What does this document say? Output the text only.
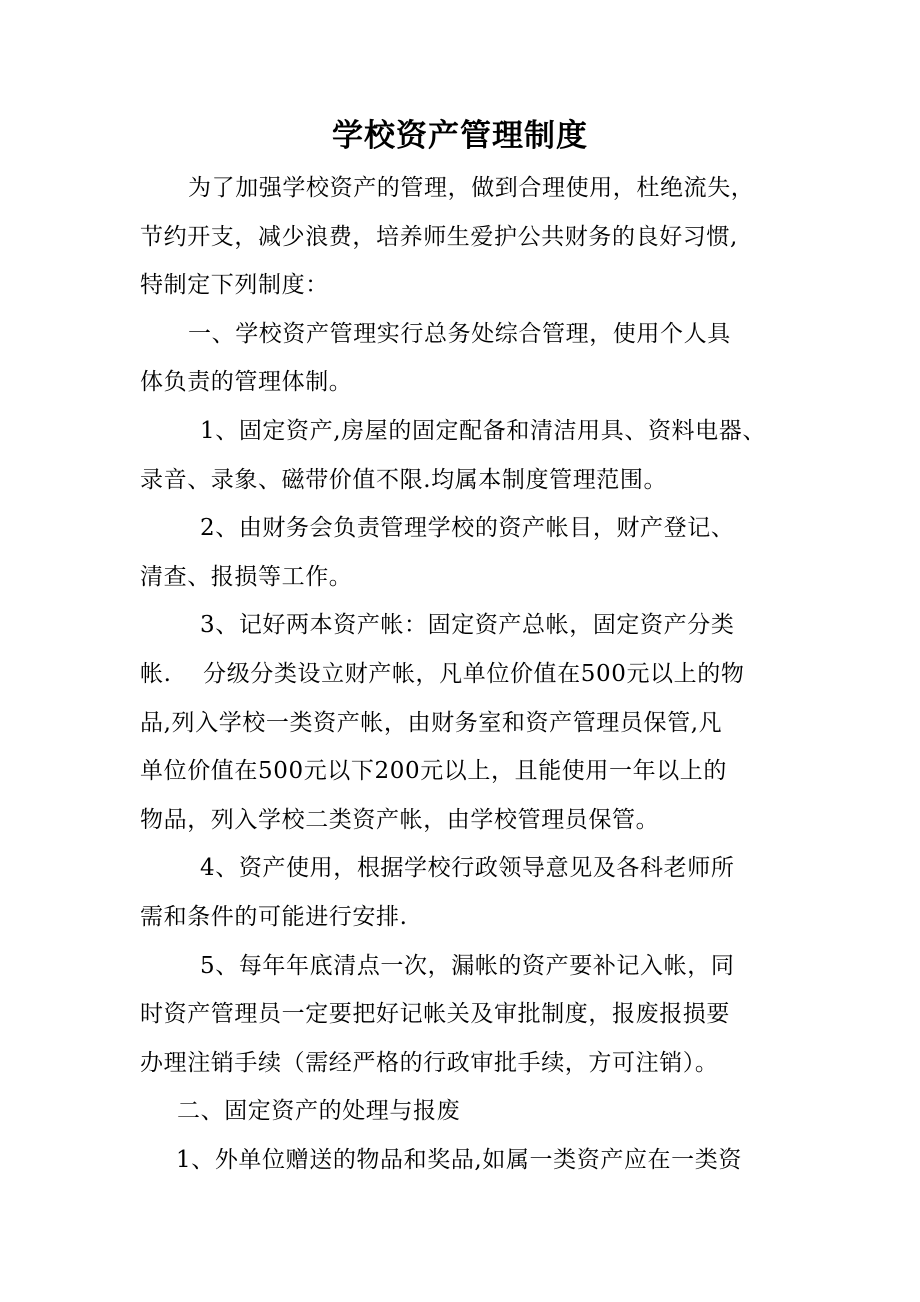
学校资产管理制度

为了加强学校资产的管理，做到合理使用，杜绝流失，
节约开支，减少浪费，培养师生爱护公共财务的良好习惯,
特制定下列制度：

一、学校资产管理实行总务处综合管理，使用个人具
体负责的管理体制。

1、固定资产,房屋的固定配备和清洁用具、资料电器、
录音、录象、磁带价值不限.均属本制度管理范围。

2、由财务会负责管理学校的资产帐目，财产登记、
清查、报损等工作。

3、记好两本资产帐：固定资产总帐，固定资产分类
帐.    分级分类设立财产帐，凡单位价值在500元以上的物
品,列入学校一类资产帐，由财务室和资产管理员保管,凡
单位价值在500元以下200元以上，且能使用一年以上的
物品，列入学校二类资产帐，由学校管理员保管。

4、资产使用，根据学校行政领导意见及各科老师所
需和条件的可能进行安排.

5、每年年底清点一次，漏帐的资产要补记入帐，同
时资产管理员一定要把好记帐关及审批制度，报废报损要
办理注销手续（需经严格的行政审批手续，方可注销）。

二、固定资产的处理与报废

1、外单位赠送的物品和奖品,如属一类资产应在一类资
